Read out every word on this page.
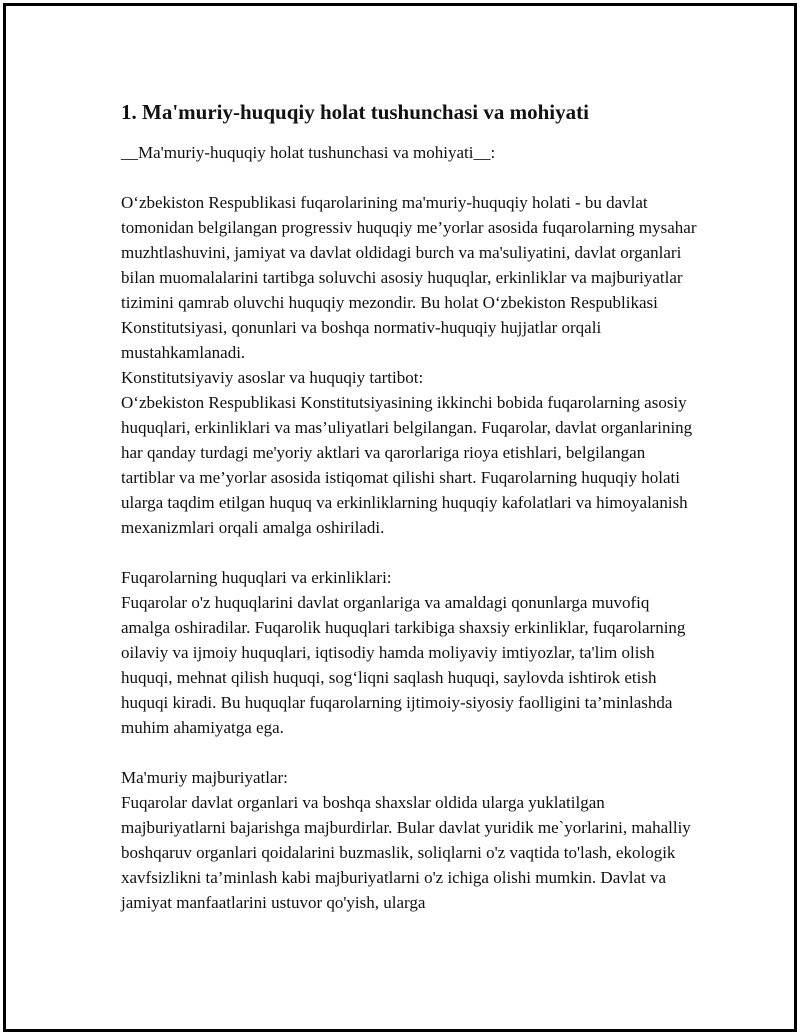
1. Ma'muriy-huquqiy holat tushunchasi va mohiyati

__Ma'muriy-huquqiy holat tushunchasi va mohiyati__:

O‘zbekiston Respublikasi fuqarolarining ma'muriy-huquqiy holati - bu davlat tomonidan belgilangan progressiv huquqiy me’yorlar asosida fuqarolarning mysahar muzhtlashuvini, jamiyat va davlat oldidagi burch va ma'suliyatini, davlat organlari bilan muomalalarini tartibga soluvchi asosiy huquqlar, erkinliklar va majburiyatlar tizimini qamrab oluvchi huquqiy mezondir. Bu holat O‘zbekiston Respublikasi Konstitutsiyasi, qonunlari va boshqa normativ-huquqiy hujjatlar orqali mustahkamlanadi.

Konstitutsiyaviy asoslar va huquqiy tartibot:

O‘zbekiston Respublikasi Konstitutsiyasining ikkinchi bobida fuqarolarning asosiy huquqlari, erkinliklari va mas’uliyatlari belgilangan. Fuqarolar, davlat organlarining har qanday turdagi me'yoriy aktlari va qarorlariga rioya etishlari, belgilangan tartiblar va me’yorlar asosida istiqomat qilishi shart. Fuqarolarning huquqiy holati ularga taqdim etilgan huquq va erkinliklarning huquqiy kafolatlari va himoyalanish mexanizmlari orqali amalga oshiriladi.

Fuqarolarning huquqlari va erkinliklari:

Fuqarolar o'z huquqlarini davlat organlariga va amaldagi qonunlarga muvofiq amalga oshiradilar. Fuqarolik huquqlari tarkibiga shaxsiy erkinliklar, fuqarolarning oilaviy va ijmoiy huquqlari, iqtisodiy hamda moliyaviy imtiyozlar, ta'lim olish huquqi, mehnat qilish huquqi, sog‘liqni saqlash huquqi, saylovda ishtirok etish huquqi kiradi. Bu huquqlar fuqarolarning ijtimoiy-siyosiy faolligini ta’minlashda muhim ahamiyatga ega.

Ma'muriy majburiyatlar:

Fuqarolar davlat organlari va boshqa shaxslar oldida ularga yuklatilgan majburiyatlarni bajarishga majburdirlar. Bular davlat yuridik me`yorlarini, mahalliy boshqaruv organlari qoidalarini buzmaslik, soliqlarni o'z vaqtida to'lash, ekologik xavfsizlikni ta’minlash kabi majburiyatlarni o'z ichiga olishi mumkin. Davlat va jamiyat manfaatlarini ustuvor qo'yish, ularga
